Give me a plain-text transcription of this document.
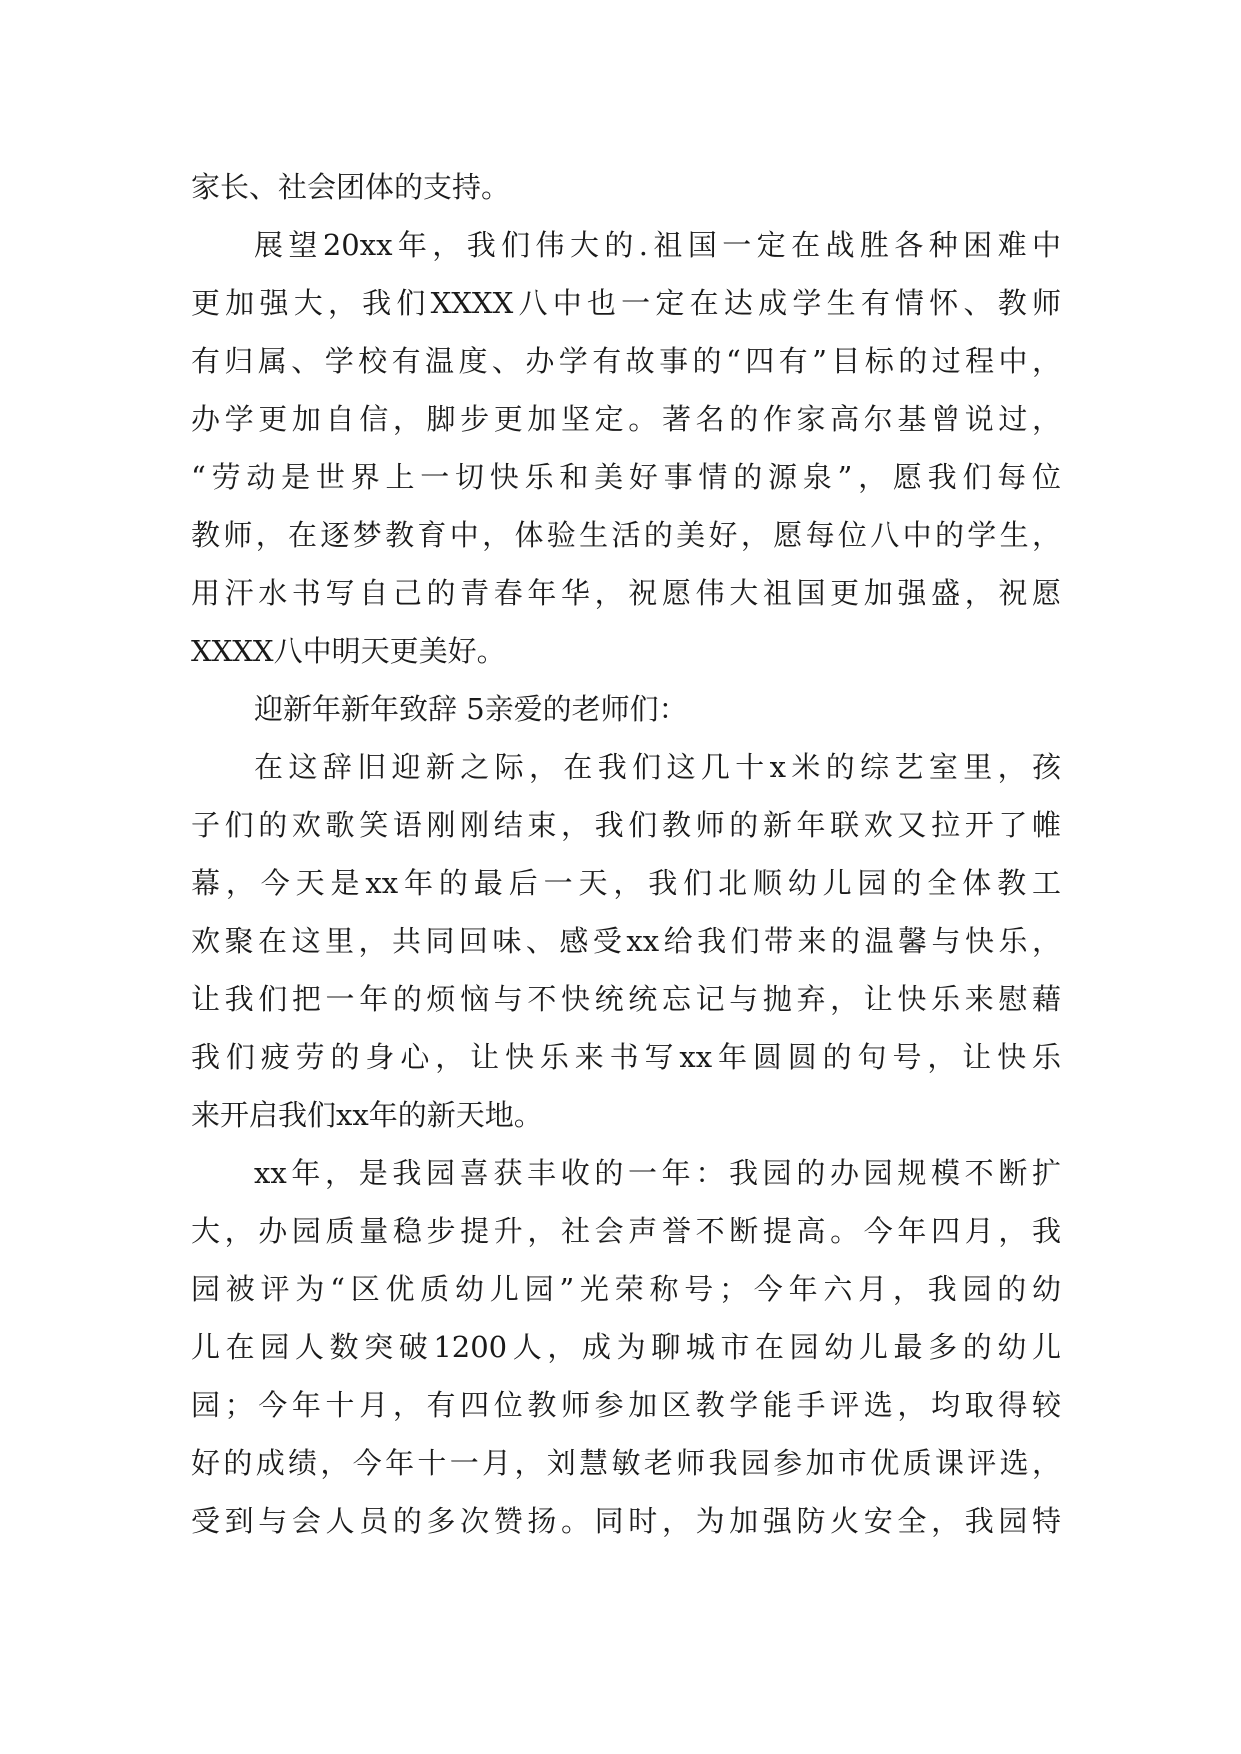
家长、社会团体的支持。
展望20xx年，我们伟大的.祖国一定在战胜各种困难中
更加强大，我们XXXX八中也一定在达成学生有情怀、教师
有归属、学校有温度、办学有故事的“四有”目标的过程中，
办学更加自信，脚步更加坚定。著名的作家高尔基曾说过，
“劳动是世界上一切快乐和美好事情的源泉”，愿我们每位
教师，在逐梦教育中，体验生活的美好，愿每位八中的学生，
用汗水书写自己的青春年华，祝愿伟大祖国更加强盛，祝愿
XXXX八中明天更美好。
迎新年新年致辞 5亲爱的老师们：
在这辞旧迎新之际，在我们这几十x米的综艺室里，孩
子们的欢歌笑语刚刚结束，我们教师的新年联欢又拉开了帷
幕，今天是xx年的最后一天，我们北顺幼儿园的全体教工
欢聚在这里，共同回味、感受xx给我们带来的温馨与快乐，
让我们把一年的烦恼与不快统统忘记与抛弃，让快乐来慰藉
我们疲劳的身心，让快乐来书写xx年圆圆的句号，让快乐
来开启我们xx年的新天地。
xx年，是我园喜获丰收的一年：我园的办园规模不断扩
大，办园质量稳步提升，社会声誉不断提高。今年四月，我
园被评为“区优质幼儿园”光荣称号；今年六月，我园的幼
儿在园人数突破1200人，成为聊城市在园幼儿最多的幼儿
园；今年十月，有四位教师参加区教学能手评选，均取得较
好的成绩，今年十一月，刘慧敏老师我园参加市优质课评选，
受到与会人员的多次赞扬。同时，为加强防火安全，我园特
